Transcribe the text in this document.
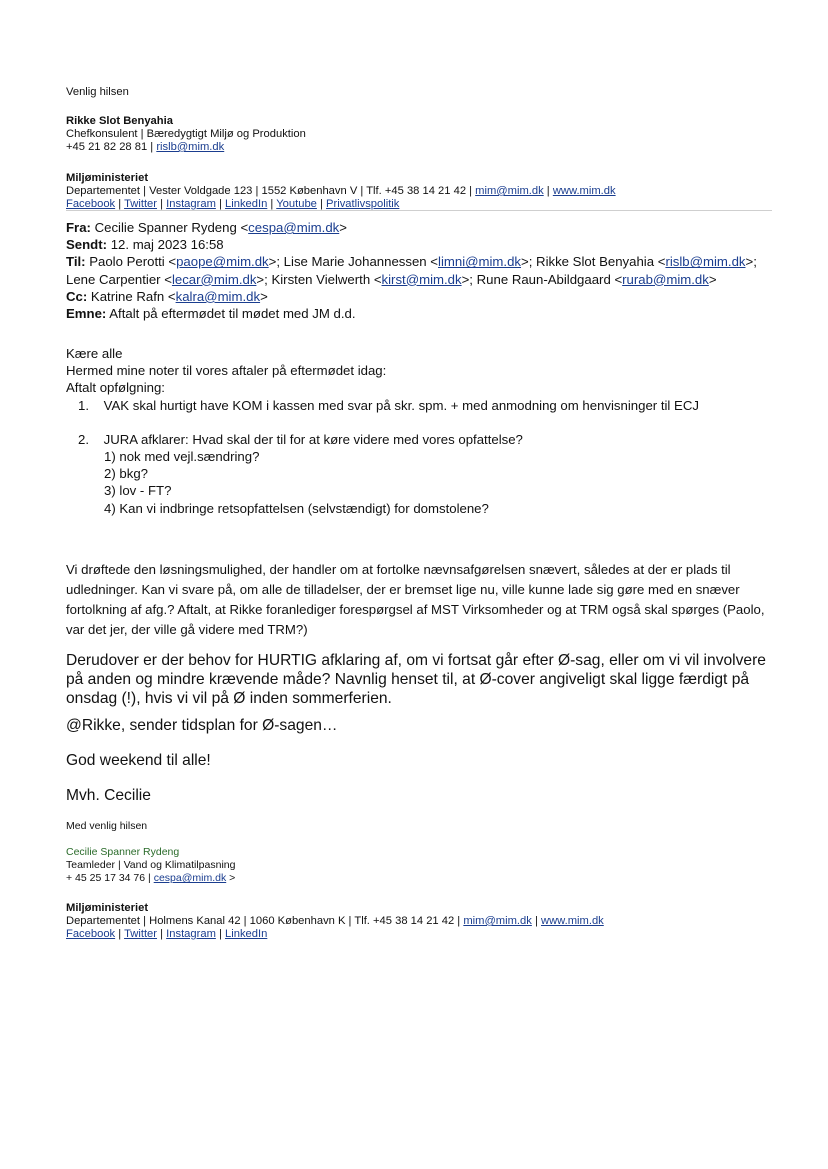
Venlig hilsen
Rikke Slot Benyahia
Chefkonsulent | Bæredygtigt Miljø og Produktion
+45 21 82 28 81 | rislb@mim.dk
Miljøministeriet
Departementet | Vester Voldgade 123 | 1552 København V | Tlf. +45 38 14 21 42 | mim@mim.dk | www.mim.dk
Facebook | Twitter | Instagram | LinkedIn | Youtube | Privatlivspolitik
Fra: Cecilie Spanner Rydeng <cespa@mim.dk>
Sendt: 12. maj 2023 16:58
Til: Paolo Perotti <paope@mim.dk>; Lise Marie Johannessen <limni@mim.dk>; Rikke Slot Benyahia <rislb@mim.dk>;
Lene Carpentier <lecar@mim.dk>; Kirsten Vielwerth <kirst@mim.dk>; Rune Raun-Abildgaard <rurab@mim.dk>
Cc: Katrine Rafn <kalra@mim.dk>
Emne: Aftalt på eftermødet til mødet med JM d.d.
Kære alle
Hermed mine noter til vores aftaler på eftermødet idag:
Aftalt opfølgning:
1.    VAK skal hurtigt have KOM i kassen med svar på skr. spm. + med anmodning om henvisninger til ECJ
2.    JURA afklarer: Hvad skal der til for at køre videre med vores opfattelse?
1) nok med vejl.sændring?
2) bkg?
3) lov - FT?
4) Kan vi indbringe retsopfattelsen (selvstændigt) for domstolene?
Vi drøftede den løsningsmulighed, der handler om at fortolke nævnsafgørelsen snævert, således at der er plads til udledninger. Kan vi svare på, om alle de tilladelser, der er bremset lige nu, ville kunne lade sig gøre med en snæver fortolkning af afg.? Aftalt, at Rikke foranlediger forespørgsel af MST Virksomheder og at TRM også skal spørges (Paolo, var det jer, der ville gå videre med TRM?)
Derudover er der behov for HURTIG afklaring af, om vi fortsat går efter Ø-sag, eller om vi vil involvere på anden og mindre krævende måde? Navnlig henset til, at Ø-cover angiveligt skal ligge færdigt på onsdag (!), hvis vi vil på Ø inden sommerferien.
@Rikke, sender tidsplan for Ø-sagen…
God weekend til alle!
Mvh. Cecilie
Med venlig hilsen
Cecilie Spanner Rydeng
Teamleder | Vand og Klimatilpasning
+ 45 25 17 34 76 | cespa@mim.dk >
Miljøministeriet
Departementet | Holmens Kanal 42 | 1060 København K | Tlf. +45 38 14 21 42 | mim@mim.dk | www.mim.dk
Facebook | Twitter | Instagram | LinkedIn
